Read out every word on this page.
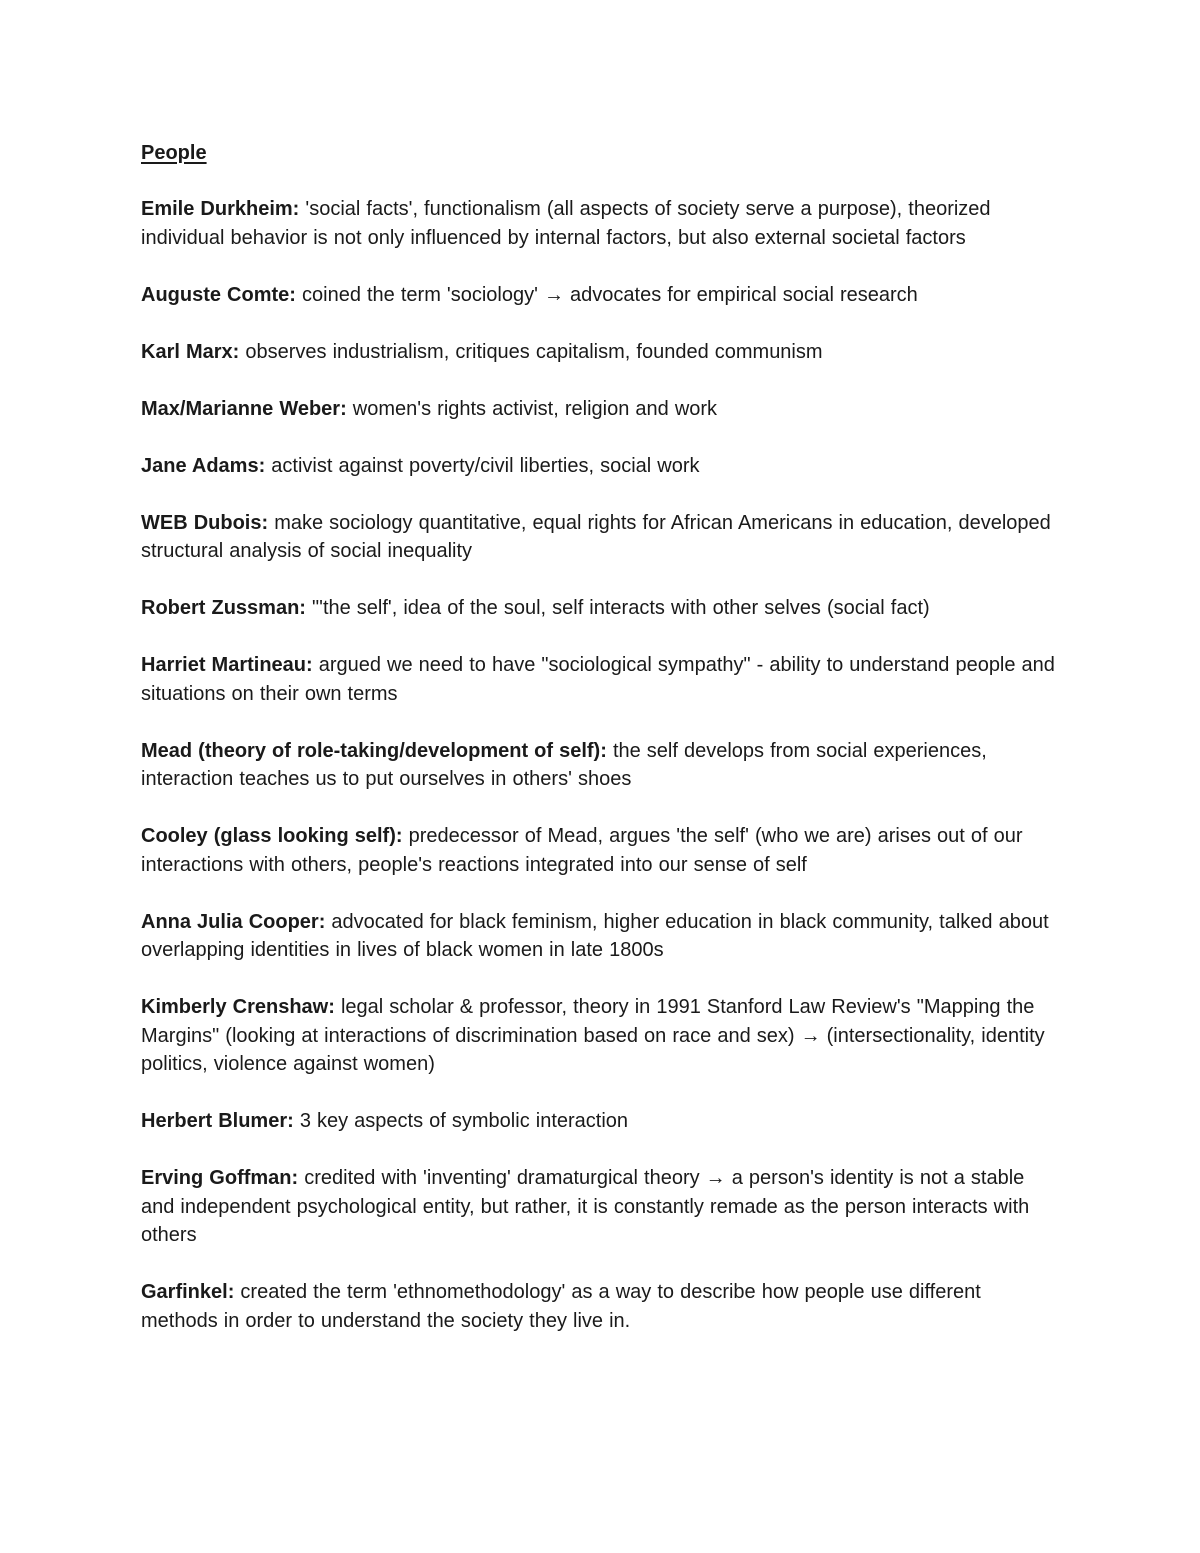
People
Emile Durkheim: 'social facts', functionalism (all aspects of society serve a purpose), theorized individual behavior is not only influenced by internal factors, but also external societal factors
Auguste Comte: coined the term 'sociology' → advocates for empirical social research
Karl Marx: observes industrialism, critiques capitalism, founded communism
Max/Marianne Weber: women's rights activist, religion and work
Jane Adams: activist against poverty/civil liberties, social work
WEB Dubois: make sociology quantitative, equal rights for African Americans in education, developed structural analysis of social inequality
Robert Zussman: "'the self', idea of the soul, self interacts with other selves (social fact)
Harriet Martineau: argued we need to have "sociological sympathy" - ability to understand people and situations on their own terms
Mead (theory of role-taking/development of self): the self develops from social experiences, interaction teaches us to put ourselves in others' shoes
Cooley (glass looking self): predecessor of Mead, argues 'the self' (who we are) arises out of our interactions with others, people's reactions integrated into our sense of self
Anna Julia Cooper: advocated for black feminism, higher education in black community, talked about overlapping identities in lives of black women in late 1800s
Kimberly Crenshaw: legal scholar & professor, theory in 1991 Stanford Law Review's "Mapping the Margins" (looking at interactions of discrimination based on race and sex) → (intersectionality, identity politics, violence against women)
Herbert Blumer: 3 key aspects of symbolic interaction
Erving Goffman: credited with 'inventing' dramaturgical theory → a person's identity is not a stable and independent psychological entity, but rather, it is constantly remade as the person interacts with others
Garfinkel: created the term 'ethnomethodology' as a way to describe how people use different methods in order to understand the society they live in.
